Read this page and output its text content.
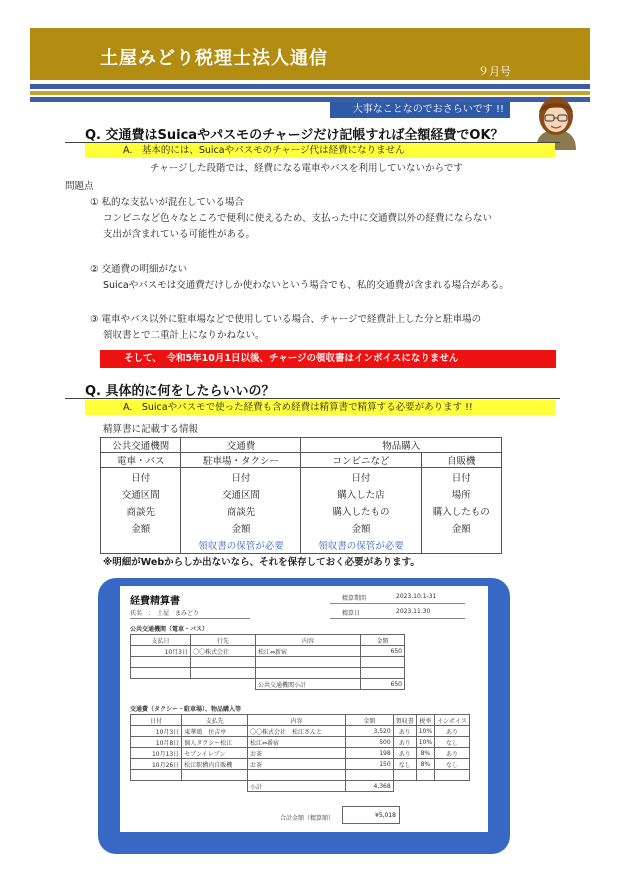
土屋みどり税理士法人通信
９月号
大事なことなのでおさらいです !!
Q. 交通費はSuicaやパスモのチャージだけ記帳すれば全額経費でOK？
A.　基本的には、Suicaやパスモのチャージ代は経費になりません
チャージした段階では、経費になる電車やバスを利用していないからです
問題点
① 私的な支払いが混在している場合
コンビニなど色々なところで便利に使えるため、支払った中に交通費以外の経費にならない
支出が含まれている可能性がある。
② 交通費の明細がない
Suicaやパスモは交通費だけしか使わないという場合でも、私的交通費が含まれる場合がある。
③ 電車やバス以外に駐車場などで使用している場合、チャージで経費計上した分と駐車場の
領収書とで二重計上になりかねない。
そして、　令和5年10月1日以後、チャージの領収書はインボイスになりません
Q. 具体的に何をしたらいいの？
A.　Suicaやパスモで使った経費も含め経費は精算書で精算する必要があります !!
精算書に記載する情報
公共交通機関	交通費	物品購入	
電車・バス	駐車場・タクシー	コンビニなど	自販機
日付	日付	日付	日付
交通区間	交通区間	購入した店	場所
商談先	商談先	購入したもの	購入したもの
金額	金額	金額	金額
	領収書の保管が必要	領収書の保管が必要	
※明細がWebからしか出ないなら、それを保存しておく必要があります。
経費精算書
氏名　：　土屋　まみどり
精算期間	2023.10.1-31
精算日	2023.11.30
公共交通機関（電車・バス）
支払日	行先	内容	金額
10月3日	〇〇株式会社	松江⇔新宿	650

		公共交通機関小計	650
交通費（タクシー・駐車場）、物品購入等
日付	支払先	内容	金額	領収書	税率	インボイス
10月3日	東華鶏　住吉亭	〇〇株式会社　松江さんと	3,520	あり	10%	あり
10月8日	個人タクシー松江	松江⇔番宿	500	あり	10%	なし
10月13日	セブンイレブン	お茶	198	あり	8%	あり
10月26日	松江駅構内自販機	お茶	150	なし	8%	なし

		小計	4,368			
合計金額（精算額）	¥5,018
